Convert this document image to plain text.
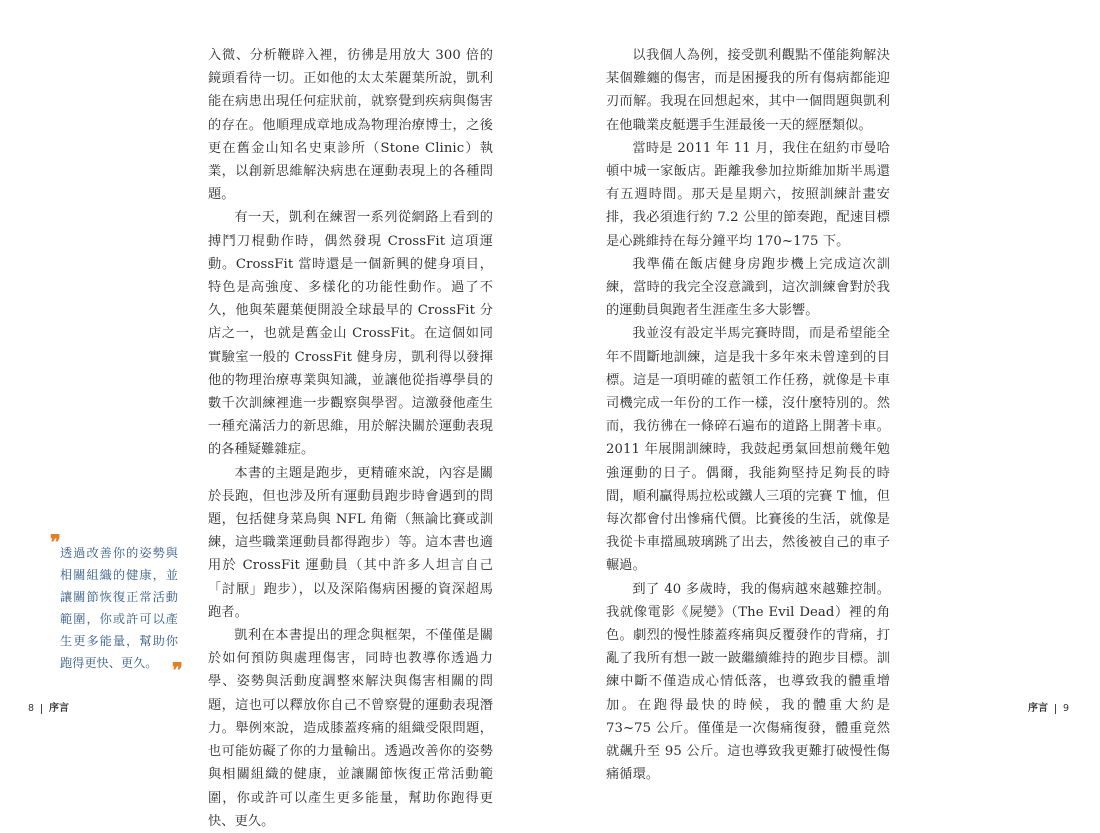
入微、分析鞭辟入裡，彷彿是用放大 300 倍的鏡頭看待一切。正如他的太太茱麗葉所說，凱利能在病患出現任何症狀前，就察覺到疾病與傷害的存在。他順理成章地成為物理治療博士，之後更在舊金山知名史東診所（Stone Clinic）執業，以創新思維解決病患在運動表現上的各種問題。

有一天，凱利在練習一系列從網路上看到的搏鬥刀棍動作時，偶然發現 CrossFit 這項運動。CrossFit 當時還是一個新興的健身項目，特色是高強度、多樣化的功能性動作。過了不久，他與茱麗葉便開設全球最早的 CrossFit 分店之一，也就是舊金山 CrossFit。在這個如同實驗室一般的 CrossFit 健身房，凱利得以發揮他的物理治療專業與知識，並讓他從指導學員的數千次訓練裡進一步觀察與學習。這激發他產生一種充滿活力的新思維，用於解決關於運動表現的各種疑難雜症。

本書的主題是跑步，更精確來說，內容是關於長跑，但也涉及所有運動員跑步時會遇到的問題，包括健身菜鳥與 NFL 角衛（無論比賽或訓練，這些職業運動員都得跑步）等。這本書也適用於 CrossFit 運動員（其中許多人坦言自己「討厭」跑步），以及深陷傷病困擾的資深超馬跑者。

凱利在本書提出的理念與框架，不僅僅是關於如何預防與處理傷害，同時也教導你透過力學、姿勢與活動度調整來解決與傷害相關的問題，這也可以釋放你自己不曾察覺的運動表現潛力。舉例來說，造成膝蓋疼痛的組織受限問題，也可能妨礙了你的力量輸出。透過改善你的姿勢與相關組織的健康，並讓關節恢復正常活動範圍，你或許可以產生更多能量，幫助你跑得更快、更久。

以我個人為例，接受凱利觀點不僅能夠解決某個難纏的傷害，而是困擾我的所有傷病都能迎刃而解。我現在回想起來，其中一個問題與凱利在他職業皮艇選手生涯最後一天的經歷類似。

當時是 2011 年 11 月，我住在紐約市曼哈頓中城一家飯店。距離我參加拉斯維加斯半馬還有五週時間。那天是星期六，按照訓練計畫安排，我必須進行約 7.2 公里的節奏跑，配速目標是心跳維持在每分鐘平均 170~175 下。

我準備在飯店健身房跑步機上完成這次訓練，當時的我完全沒意識到，這次訓練會對於我的運動員與跑者生涯產生多大影響。

我並沒有設定半馬完賽時間，而是希望能全年不間斷地訓練，這是我十多年來未曾達到的目標。這是一項明確的藍領工作任務，就像是卡車司機完成一年份的工作一樣，沒什麼特別的。然而，我彷彿在一條碎石遍布的道路上開著卡車。2011 年展開訓練時，我鼓起勇氣回想前幾年勉強運動的日子。偶爾，我能夠堅持足夠長的時間，順利贏得馬拉松或鐵人三項的完賽 T 恤，但每次都會付出慘痛代價。比賽後的生活，就像是我從卡車擋風玻璃跳了出去，然後被自己的車子輾過。

到了 40 多歲時，我的傷病越來越難控制。我就像電影《屍變》（The Evil Dead）裡的角色。劇烈的慢性膝蓋疼痛與反覆發作的背痛，打亂了我所有想一跛一跛繼續維持的跑步目標。訓練中斷不僅造成心情低落，也導致我的體重增加。在跑得最快的時候，我的體重大約是 73~75 公斤。僅僅是一次傷痛復發，體重竟然就飆升至 95 公斤。這也導致我更難打破慢性傷痛循環。

❞ 透過改善你的姿勢與相關組織的健康，並讓關節恢復正常活動範圍，你或許可以產生更多能量，幫助你跑得更快、更久。 ❞
8 序言	序言 9
